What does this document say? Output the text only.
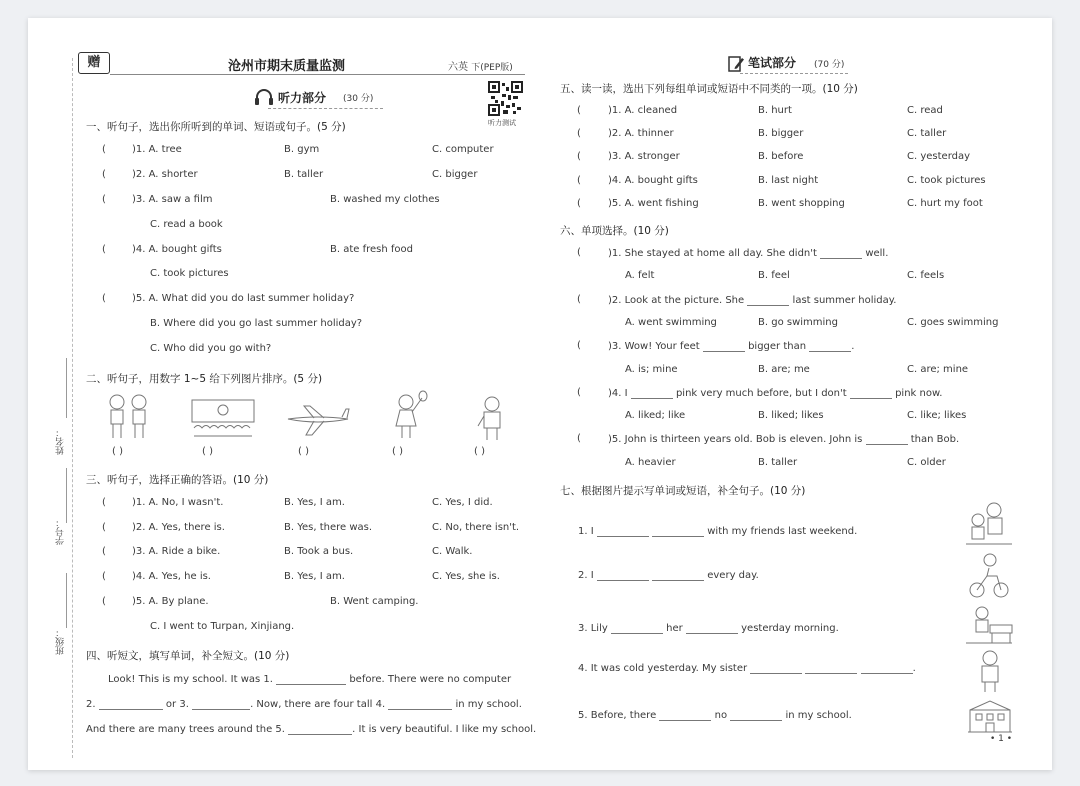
姓名：
学号：
班级：
赠	沧州市期末质量监测	六英 下(PEP版)
听力测试
听力部分 (30 分)
一、听句子，选出你所听到的单词、短语或句子。(5 分)
(	)1. A. tree	B. gym	C. computer
(	)2. A. shorter	B. taller	C. bigger
(	)3. A. saw a film	B. washed my clothes
C. read a book
(	)4. A. bought gifts	B. ate fresh food
C. took pictures
(	)5. A. What did you do last summer holiday?
B. Where did you go last summer holiday?
C. Who did you go with?
二、听句子，用数字 1~5 给下列图片排序。(5 分)
( )	( )	( )	( )	( )
三、听句子，选择正确的答语。(10 分)
(	)1. A. No, I wasn't.	B. Yes, I am.	C. Yes, I did.
(	)2. A. Yes, there is.	B. Yes, there was.	C. No, there isn't.
(	)3. A. Ride a bike.	B. Took a bus.	C. Walk.
(	)4. A. Yes, he is.	B. Yes, I am.	C. Yes, she is.
(	)5. A. By plane.	B. Went camping.
C. I went to Turpan, Xinjiang.
四、听短文，填写单词，补全短文。(10 分)
Look! This is my school. It was 1.	before. There were no computer
2.	or 3.	. Now, there are four tall 4.	in my school.
And there are many trees around the 5.	. It is very beautiful. I like my school.
笔试部分 (70 分)
五、读一读，选出下列每组单词或短语中不同类的一项。(10 分)
(	)1. A. cleaned	B. hurt	C. read
(	)2. A. thinner	B. bigger	C. taller
(	)3. A. stronger	B. before	C. yesterday
(	)4. A. bought gifts	B. last night	C. took pictures
(	)5. A. went fishing	B. went shopping	C. hurt my foot
六、单项选择。(10 分)
(	)1. She stayed at home all day. She didn't	well.
A. felt	B. feel	C. feels
(	)2. Look at the picture. She	last summer holiday.
A. went swimming	B. go swimming	C. goes swimming
(	)3. Wow! Your feet	bigger than	.
A. is; mine	B. are; me	C. are; mine
(	)4. I	pink very much before, but I don't	pink now.
A. liked; like	B. liked; likes	C. like; likes
(	)5. John is thirteen years old. Bob is eleven. John is	than Bob.
A. heavier	B. taller	C. older
七、根据图片提示写单词或短语，补全句子。(10 分)
1. I	with my friends last weekend.
2. I	every day.
3. Lily	her	yesterday morning.
4. It was cold yesterday. My sister	.
5. Before, there	no	in my school.
• 1 •
